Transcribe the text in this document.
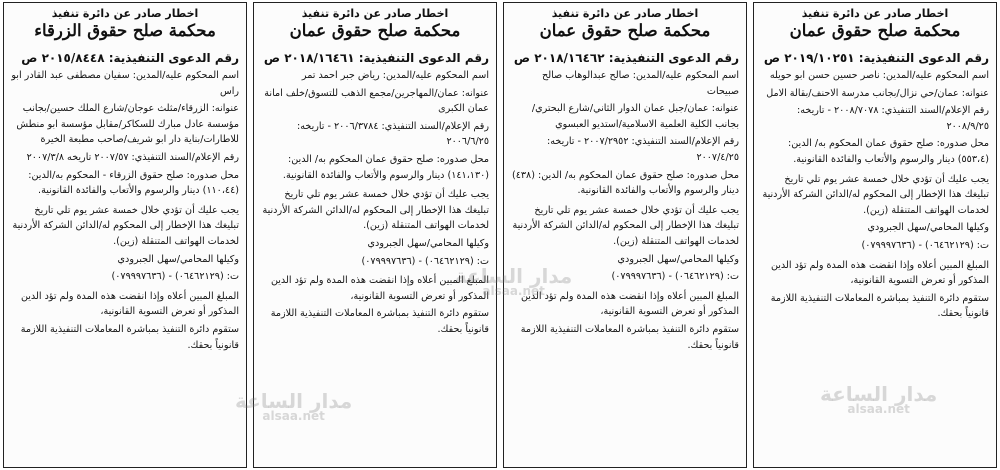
اخطار صادر عن دائرة تنفيذ
محكمة صلح حقوق عمان
رقم الدعوى التنفيذية: ٢٠١٩/١٠٢٥١ ص
اسم المحكوم عليه/المدين: ناصر حسين حسن ابو حويله
عنوانه: عمان/حي نزال/بجانب مدرسة الاحنف/بقالة الامل
رقم الإعلام/السند التنفيذي: ٢٠٠٨/٧٠٧٨ - تاريخه: ٢٠٠٨/٩/٢٥
محل صدوره: صلح حقوق عمان المحكوم به/ الدين: (٥٥٣،٤) دينار والرسوم والأتعاب والفائدة القانونية.
يجب عليك أن تؤدي خلال خمسة عشر يوم تلي تاريخ تبليغك هذا الإخطار إلى المحكوم له/الدائن الشركة الأردنية لخدمات الهواتف المتنقلة (زين).
وكيلها المحامي/سهل الجبرودي
ت: (٠٦٤٦٢١٢٩) - (٠٧٩٩٩٧٦٣٦)
المبلغ المبين أعلاه وإذا انقضت هذه المدة ولم تؤد الدين المذكور أو تعرض التسوية القانونية،
ستقوم دائرة التنفيذ بمباشرة المعاملات التنفيذية اللازمة قانونياً بحقك.
اخطار صادر عن دائرة تنفيذ
محكمة صلح حقوق عمان
رقم الدعوى التنفيذية: ٢٠١٨/١٦٤٦٢ ص
اسم المحكوم عليه/المدين: صالح عبدالوهاب صالح صبيحات
عنوانه: عمان/جبل عمان الدوار الثاني/شارع البحتري/بجانب الكلية العلمية الاسلامية/استديو العبسوي
رقم الإعلام/السند التنفيذي: ٢٠٠٧/٢٩٥٢ - تاريخه: ٢٠٠٧/٤/٢٥
محل صدوره: صلح حقوق عمان المحكوم به/ الدين: (٤٣٨) دينار والرسوم والأتعاب والفائدة القانونية.
يجب عليك أن تؤدي خلال خمسة عشر يوم تلي تاريخ تبليغك هذا الإخطار إلى المحكوم له/الدائن الشركة الأردنية لخدمات الهواتف المتنقلة (زين).
وكيلها المحامي/سهل الجبرودي
ت: (٠٦٤٦٢١٢٩) - (٠٧٩٩٩٧٦٣٦)
المبلغ المبين أعلاه وإذا انقضت هذه المدة ولم تؤد الدين المذكور أو تعرض التسوية القانونية،
ستقوم دائرة التنفيذ بمباشرة المعاملات التنفيذية اللازمة قانونياً بحقك.
اخطار صادر عن دائرة تنفيذ
محكمة صلح حقوق عمان
رقم الدعوى التنفيذية: ٢٠١٨/١٦٤٦١ ص
اسم المحكوم عليه/المدين: رياض جبر احمد تمر
عنوانه: عمان/المهاجرين/مجمع الذهب للتسوق/خلف امانة عمان الكبرى
رقم الإعلام/السند التنفيذي: ٢٠٠٦/٣٧٨٤ - تاريخه: ٢٠٠٦/٦/٢٥
محل صدوره: صلح حقوق عمان المحكوم به/ الدين: (١٤١،١٣٠) دينار والرسوم والأتعاب والفائدة القانونية.
يجب عليك أن تؤدي خلال خمسة عشر يوم تلي تاريخ تبليغك هذا الإخطار إلى المحكوم له/الدائن الشركة الأردنية لخدمات الهواتف المتنقلة (زين).
وكيلها المحامي/سهل الجبرودي
ت: (٠٦٤٦٢١٢٩) - (٠٧٩٩٩٧٦٣٦)
المبلغ المبين أعلاه وإذا انقضت هذه المدة ولم تؤد الدين المذكور أو تعرض التسوية القانونية،
ستقوم دائرة التنفيذ بمباشرة المعاملات التنفيذية اللازمة قانونياً بحقك.
اخطار صادر عن دائرة تنفيذ
محكمة صلح حقوق الزرقاء
رقم الدعوى التنفيذية: ٢٠١٥/٨٤٤٨ ص
اسم المحكوم عليه/المدين: سفيان مصطفى عبد القادر ابو راس
عنوانه: الزرقاء/مثلث عوجان/شارع الملك حسين/بجانب مؤسسة عادل مبارك للسكاكر/مقابل مؤسسة ابو منطش للاطارات/بناية دار ابو شريف/صاحب مطبعة الخيرة
رقم الإعلام/السند التنفيذي: ٢٠٠٧/٥٧ تاريخه ٢٠٠٧/٣/٨
محل صدوره: صلح حقوق الزرقاء - المحكوم به/الدين: (١١٠،٤٤) دينار والرسوم والأتعاب والفائدة القانونية.
يجب عليك أن تؤدي خلال خمسة عشر يوم تلي تاريخ تبليغك هذا الإخطار إلى المحكوم له/الدائن الشركة الأردنية لخدمات الهواتف المتنقلة (زين).
وكيلها المحامي/سهل الجبرودي
ت: (٠٦٤٦٢١٢٩) - (٠٧٩٩٩٧٦٣٦)
المبلغ المبين أعلاه وإذا انقضت هذه المدة ولم تؤد الدين المذكور أو تعرض التسوية القانونية،
ستقوم دائرة التنفيذ بمباشرة المعاملات التنفيذية اللازمة قانونياً بحقك.
مدار الساعة
alsaa.net
مدار الساعة
alsaa.net
مدار الساعة
alsaa.net
